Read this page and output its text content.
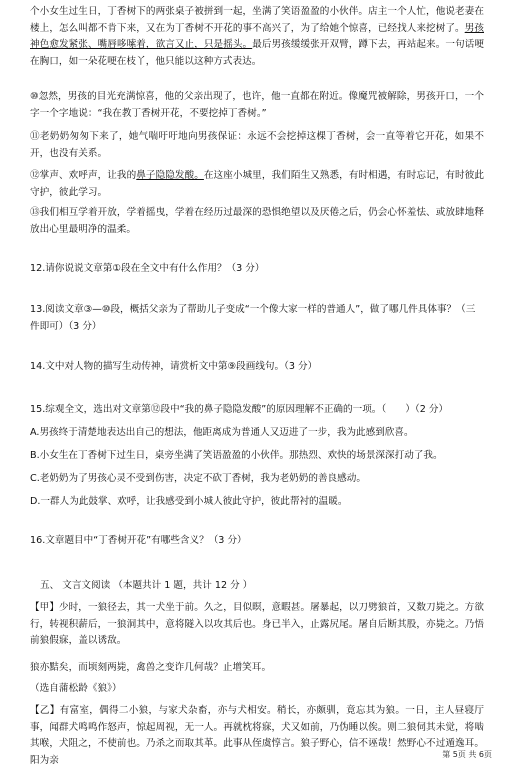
个小女生过生日，丁香树下的两张桌子被拼到一起，坐满了笑语盈盈的小伙伴。店主一个人忙，他说老妻在楼上，怎么叫都不肯下来，又在为丁香树不开花的事不高兴了，为了给她个惊喜，已经找人来挖树了。男孩神色愈发紧张、嘴唇哆嗦着，欲言又止，只是摇头。最后男孩缓缓张开双臂，蹲下去，再站起来。一句话哽在胸口，如一朵花哽在枝丫，他只能以这种方式表达。
⑩忽然，男孩的目光充满惊喜，他的父亲出现了，也许，他一直都在附近。像魔咒被解除，男孩开口，一个字一个字地说：“我在教丁香树开花，不要挖掉丁香树。”
⑪老奶奶匆匆下来了，她气喘吁吁地向男孩保证：永远不会挖掉这棵丁香树，会一直等着它开花，如果不开，也没有关系。
⑫掌声、欢呼声，让我的鼻子隐隐发酸。在这座小城里，我们陌生又熟悉，有时相遇，有时忘记，有时彼此守护，彼此学习。
⑬我们相互学着开放，学着摇曳，学着在经历过最深的恐惧绝望以及厌倦之后，仍会心怀羞怯、或放肆地释放出心里最明净的温柔。
12.请你说说文章第①段在全文中有什么作用？（3 分）
13.阅读文章③—⑩段，概括父亲为了帮助儿子变成“一个像大家一样的普通人”，做了哪几件具体事？（三件即可）（3 分）
14.文中对人物的描写生动传神，请赏析文中第⑨段画线句。（3 分）
15.综观全文，选出对文章第⑫段中“我的鼻子隐隐发酸”的原因理解不正确的一项。（　　）（2 分）
A.男孩终于清楚地表达出自己的想法，他距离成为普通人又迈进了一步，我为此感到欣喜。
B.小女生在丁香树下过生日，桌旁坐满了笑语盈盈的小伙伴。那热烈、欢快的场景深深打动了我。
C.老奶奶为了男孩心灵不受到伤害，决定不砍丁香树，我为老奶奶的善良感动。
D.一群人为此鼓掌、欢呼，让我感受到小城人彼此守护，彼此帮衬的温暖。
16.文章题目中“丁香树开花”有哪些含义？（3 分）
五、 文言文阅读 （本题共计 1 题，共计 12 分 ）
【甲】少时，一狼径去，其一犬坐于前。久之，目似暝，意暇甚。屠暴起，以刀劈狼首，又数刀毙之。方欲行，转视积薪后，一狼洞其中，意将隧入以攻其后也。身已半入，止露尻尾。屠自后断其股，亦毙之。乃悟前狼假寐，盖以诱敌。
狼亦黠矣，而顷刻两毙，禽兽之变诈几何哉？止增笑耳。
（选自蒲松龄《狼》）
【乙】有富室，偶得二小狼，与家犬杂畜，亦与犬相安。稍长，亦颇驯，竟忘其为狼。一日，主人昼寝厅事，闻群犬鸣鸣作怒声，惊起周视，无一人。再就枕将寐，犬又如前，乃伪睡以俟。则二狼伺其未觉，将啮其喉，犬阻之，不使前也。乃杀之而取其革。此事从侄虞惇言。狼子野心，信不诬哉！然野心不过遁逸耳。阳为亲	第 5页 共 6页
